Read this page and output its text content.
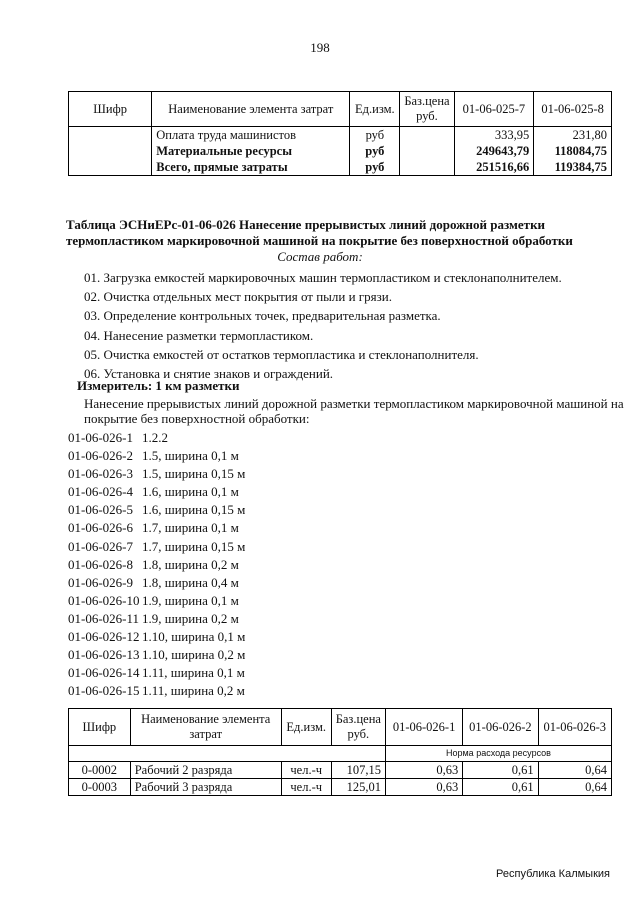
198
Шифр	Наименование элемента затрат	Ед.изм.	Баз.цена руб.	01-06-025-7	01-06-025-8
	Оплата труда машинистов	руб		333,95	231,80
	Материальные ресурсы	руб		249643,79	118084,75
	Всего, прямые затраты	руб		251516,66	119384,75
Таблица ЭСНиЕРс-01-06-026 Нанесение прерывистых линий дорожной разметки
термопластиком маркировочной машиной на покрытие без поверхностной обработки
Состав работ:
01. Загрузка емкостей маркировочных машин термопластиком и стеклонаполнителем.
02. Очистка отдельных мест покрытия от пыли и грязи.
03. Определение контрольных точек, предварительная разметка.
04. Нанесение разметки термопластиком.
05. Очистка емкостей от остатков термопластика и стеклонаполнителя.
06. Установка и снятие знаков и ограждений.
Измеритель: 1 км разметки
Нанесение прерывистых линий дорожной разметки термопластиком маркировочной машиной на покрытие без поверхностной обработки:
01-06-026-1 1.2.2
01-06-026-2 1.5, ширина 0,1 м
01-06-026-3 1.5, ширина 0,15 м
01-06-026-4 1.6, ширина 0,1 м
01-06-026-5 1.6, ширина 0,15 м
01-06-026-6 1.7, ширина 0,1 м
01-06-026-7 1.7, ширина 0,15 м
01-06-026-8 1.8, ширина 0,2 м
01-06-026-9 1.8, ширина 0,4 м
01-06-026-10 1.9, ширина 0,1 м
01-06-026-11 1.9, ширина 0,2 м
01-06-026-12 1.10, ширина 0,1 м
01-06-026-13 1.10, ширина 0,2 м
01-06-026-14 1.11, ширина 0,1 м
01-06-026-15 1.11, ширина 0,2 м
Шифр	Наименование элемента затрат	Ед.изм.	Баз.цена руб.	01-06-026-1	01-06-026-2	01-06-026-3
				Норма расхода ресурсов		
0-0002	Рабочий 2 разряда	чел.-ч	107,15	0,63	0,61	0,64
0-0003	Рабочий 3 разряда	чел.-ч	125,01	0,63	0,61	0,64
Республика Калмыкия
